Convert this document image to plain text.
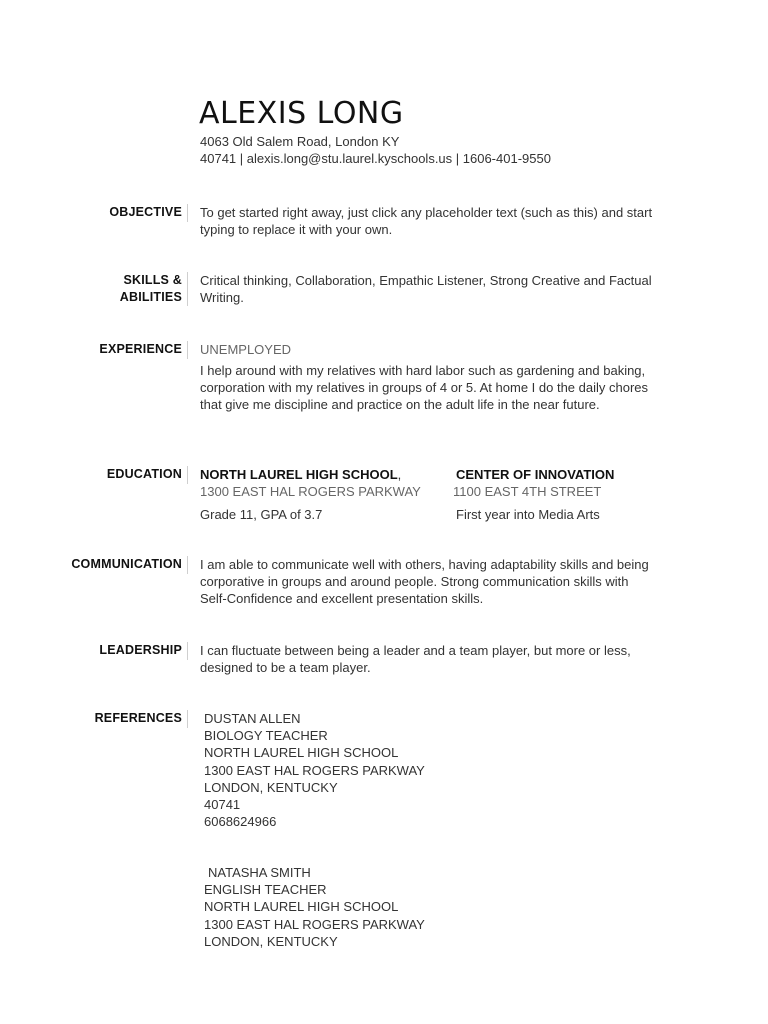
ALEXIS LONG
4063 Old Salem Road, London KY
40741 | alexis.long@stu.laurel.kyschools.us | 1606-401-9550
OBJECTIVE To get started right away, just click any placeholder text (such as this) and start typing to replace it with your own.
SKILLS &
ABILITIES
Critical thinking, Collaboration, Empathic Listener, Strong Creative and Factual Writing.
EXPERIENCE UNEMPLOYED
I help around with my relatives with hard labor such as gardening and baking, corporation with my relatives in groups of 4 or 5. At home I do the daily chores that give me discipline and practice on the adult life in the near future.
EDUCATION NORTH LAUREL HIGH SCHOOL,
1300 EAST HAL ROGERS PARKWAY
Grade 11, GPA of 3.7
CENTER OF INNOVATION
1100 EAST 4TH STREET
First year into Media Arts
COMMUNICATION I am able to communicate well with others, having adaptability skills and being corporative in groups and around people. Strong communication skills with Self-Confidence and excellent presentation skills.
LEADERSHIP I can fluctuate between being a leader and a team player, but more or less, designed to be a team player.
REFERENCES DUSTAN ALLEN
BIOLOGY TEACHER
NORTH LAUREL HIGH SCHOOL
1300 EAST HAL ROGERS PARKWAY
LONDON, KENTUCKY
40741
6068624966
NATASHA SMITH
ENGLISH TEACHER
NORTH LAUREL HIGH SCHOOL
1300 EAST HAL ROGERS PARKWAY
LONDON, KENTUCKY
